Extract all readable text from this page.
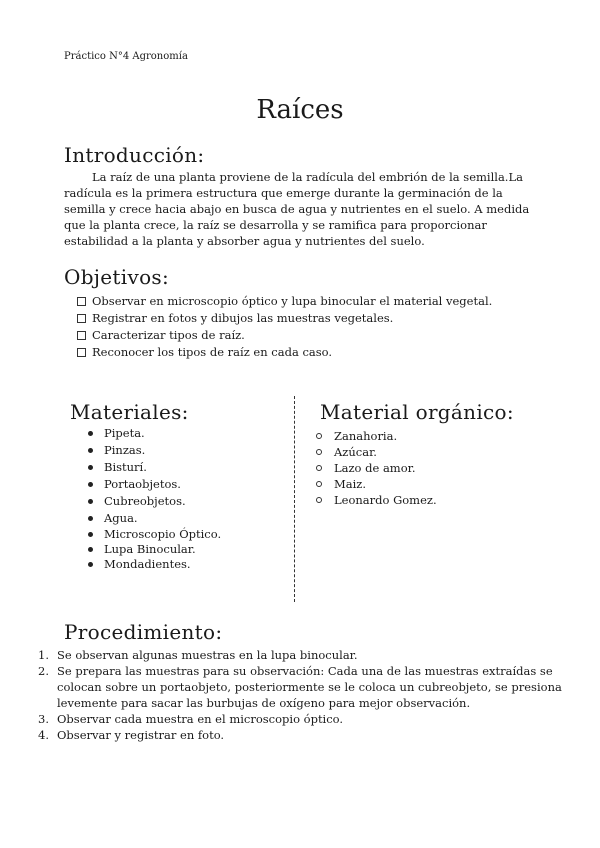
Práctico N°4 Agronomía
Raíces
Introducción:

La raíz de una planta proviene de la radícula del embrión de la semilla.La radícula es la primera estructura que emerge durante la germinación de la semilla y crece hacia abajo en busca de agua y nutrientes en el suelo. A medida que la planta crece, la raíz se desarrolla y se ramifica para proporcionar estabilidad a la planta y absorber agua y nutrientes del suelo.

Objetivos:
Observar en microscopio óptico y lupa binocular el material vegetal.
Registrar en fotos y dibujos las muestras vegetales.
Caracterizar tipos de raíz.
Reconocer los tipos de raíz en cada caso.
Materiales:
Pipeta.
Pinzas.
Bisturí.
Portaobjetos.
Cubreobjetos.
Agua.
Microscopio Óptico.
Lupa Binocular.
Mondadientes.
Material orgánico:
Zanahoria.
Azúcar.
Lazo de amor.
Maiz.
Leonardo Gomez.
Procedimiento:
1. Se observan algunas muestras en la lupa binocular.
2. Se prepara las muestras para su observación: Cada una de las muestras extraídas se colocan sobre un portaobjeto, posteriormente se le coloca un cubreobjeto, se presiona levemente para sacar las burbujas de oxígeno para mejor observación.
3. Observar cada muestra en el microscopio óptico.
4. Observar y registrar en foto.
